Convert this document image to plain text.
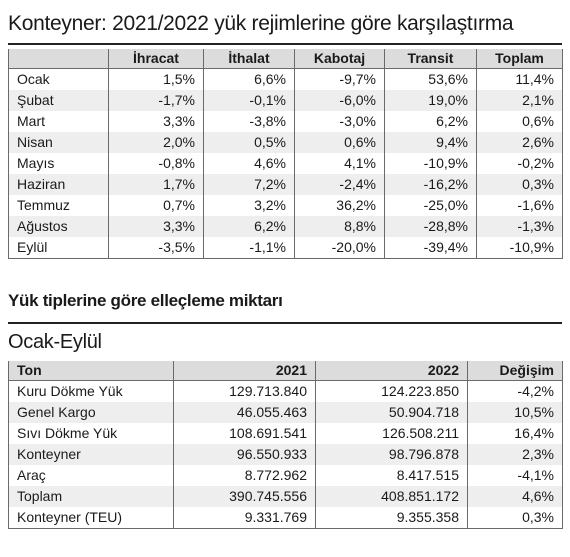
Konteyner: 2021/2022 yük rejimlerine göre karşılaştırma
	İhracat	İthalat	Kabotaj	Transit	Toplam
Ocak	1,5%	6,6%	-9,7%	53,6%	11,4%
Şubat	-1,7%	-0,1%	-6,0%	19,0%	2,1%
Mart	3,3%	-3,8%	-3,0%	6,2%	0,6%
Nisan	2,0%	0,5%	0,6%	9,4%	2,6%
Mayıs	-0,8%	4,6%	4,1%	-10,9%	-0,2%
Haziran	1,7%	7,2%	-2,4%	-16,2%	0,3%
Temmuz	0,7%	3,2%	36,2%	-25,0%	-1,6%
Ağustos	3,3%	6,2%	8,8%	-28,8%	-1,3%
Eylül	-3,5%	-1,1%	-20,0%	-39,4%	-10,9%
Yük tiplerine göre elleçleme miktarı
Ocak-Eylül
Ton	2021	2022	Değişim
Kuru Dökme Yük	129.713.840	124.223.850	-4,2%
Genel Kargo	46.055.463	50.904.718	10,5%
Sıvı Dökme Yük	108.691.541	126.508.211	16,4%
Konteyner	96.550.933	98.796.878	2,3%
Araç	8.772.962	8.417.515	-4,1%
Toplam	390.745.556	408.851.172	4,6%
Konteyner (TEU)	9.331.769	9.355.358	0,3%
